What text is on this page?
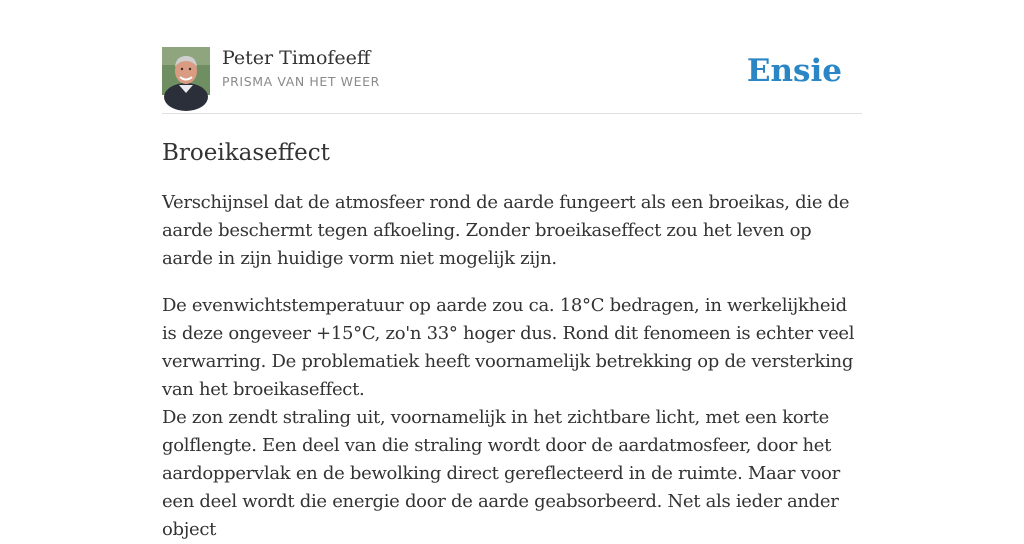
Peter Timofeeff
PRISMA VAN HET WEER	Ensie
Broeikaseffect

Verschijnsel dat de atmosfeer rond de aarde fungeert als een broeikas, die de aarde beschermt tegen afkoeling. Zonder broeikaseffect zou het leven op aarde in zijn huidige vorm niet mogelijk zijn.

De evenwichtstemperatuur op aarde zou ca. 18°C bedragen, in werkelijkheid is deze ongeveer +15°C, zo'n 33° hoger dus. Rond dit fenomeen is echter veel verwarring. De problematiek heeft voornamelijk betrekking op de versterking van het broeikaseffect.

De zon zendt straling uit, voornamelijk in het zichtbare licht, met een korte golflengte. Een deel van die straling wordt door de aardatmosfeer, door het aardoppervlak en de bewolking direct gereflecteerd in de ruimte. Maar voor een deel wordt die energie door de aarde geabsorbeerd. Net als ieder ander object
